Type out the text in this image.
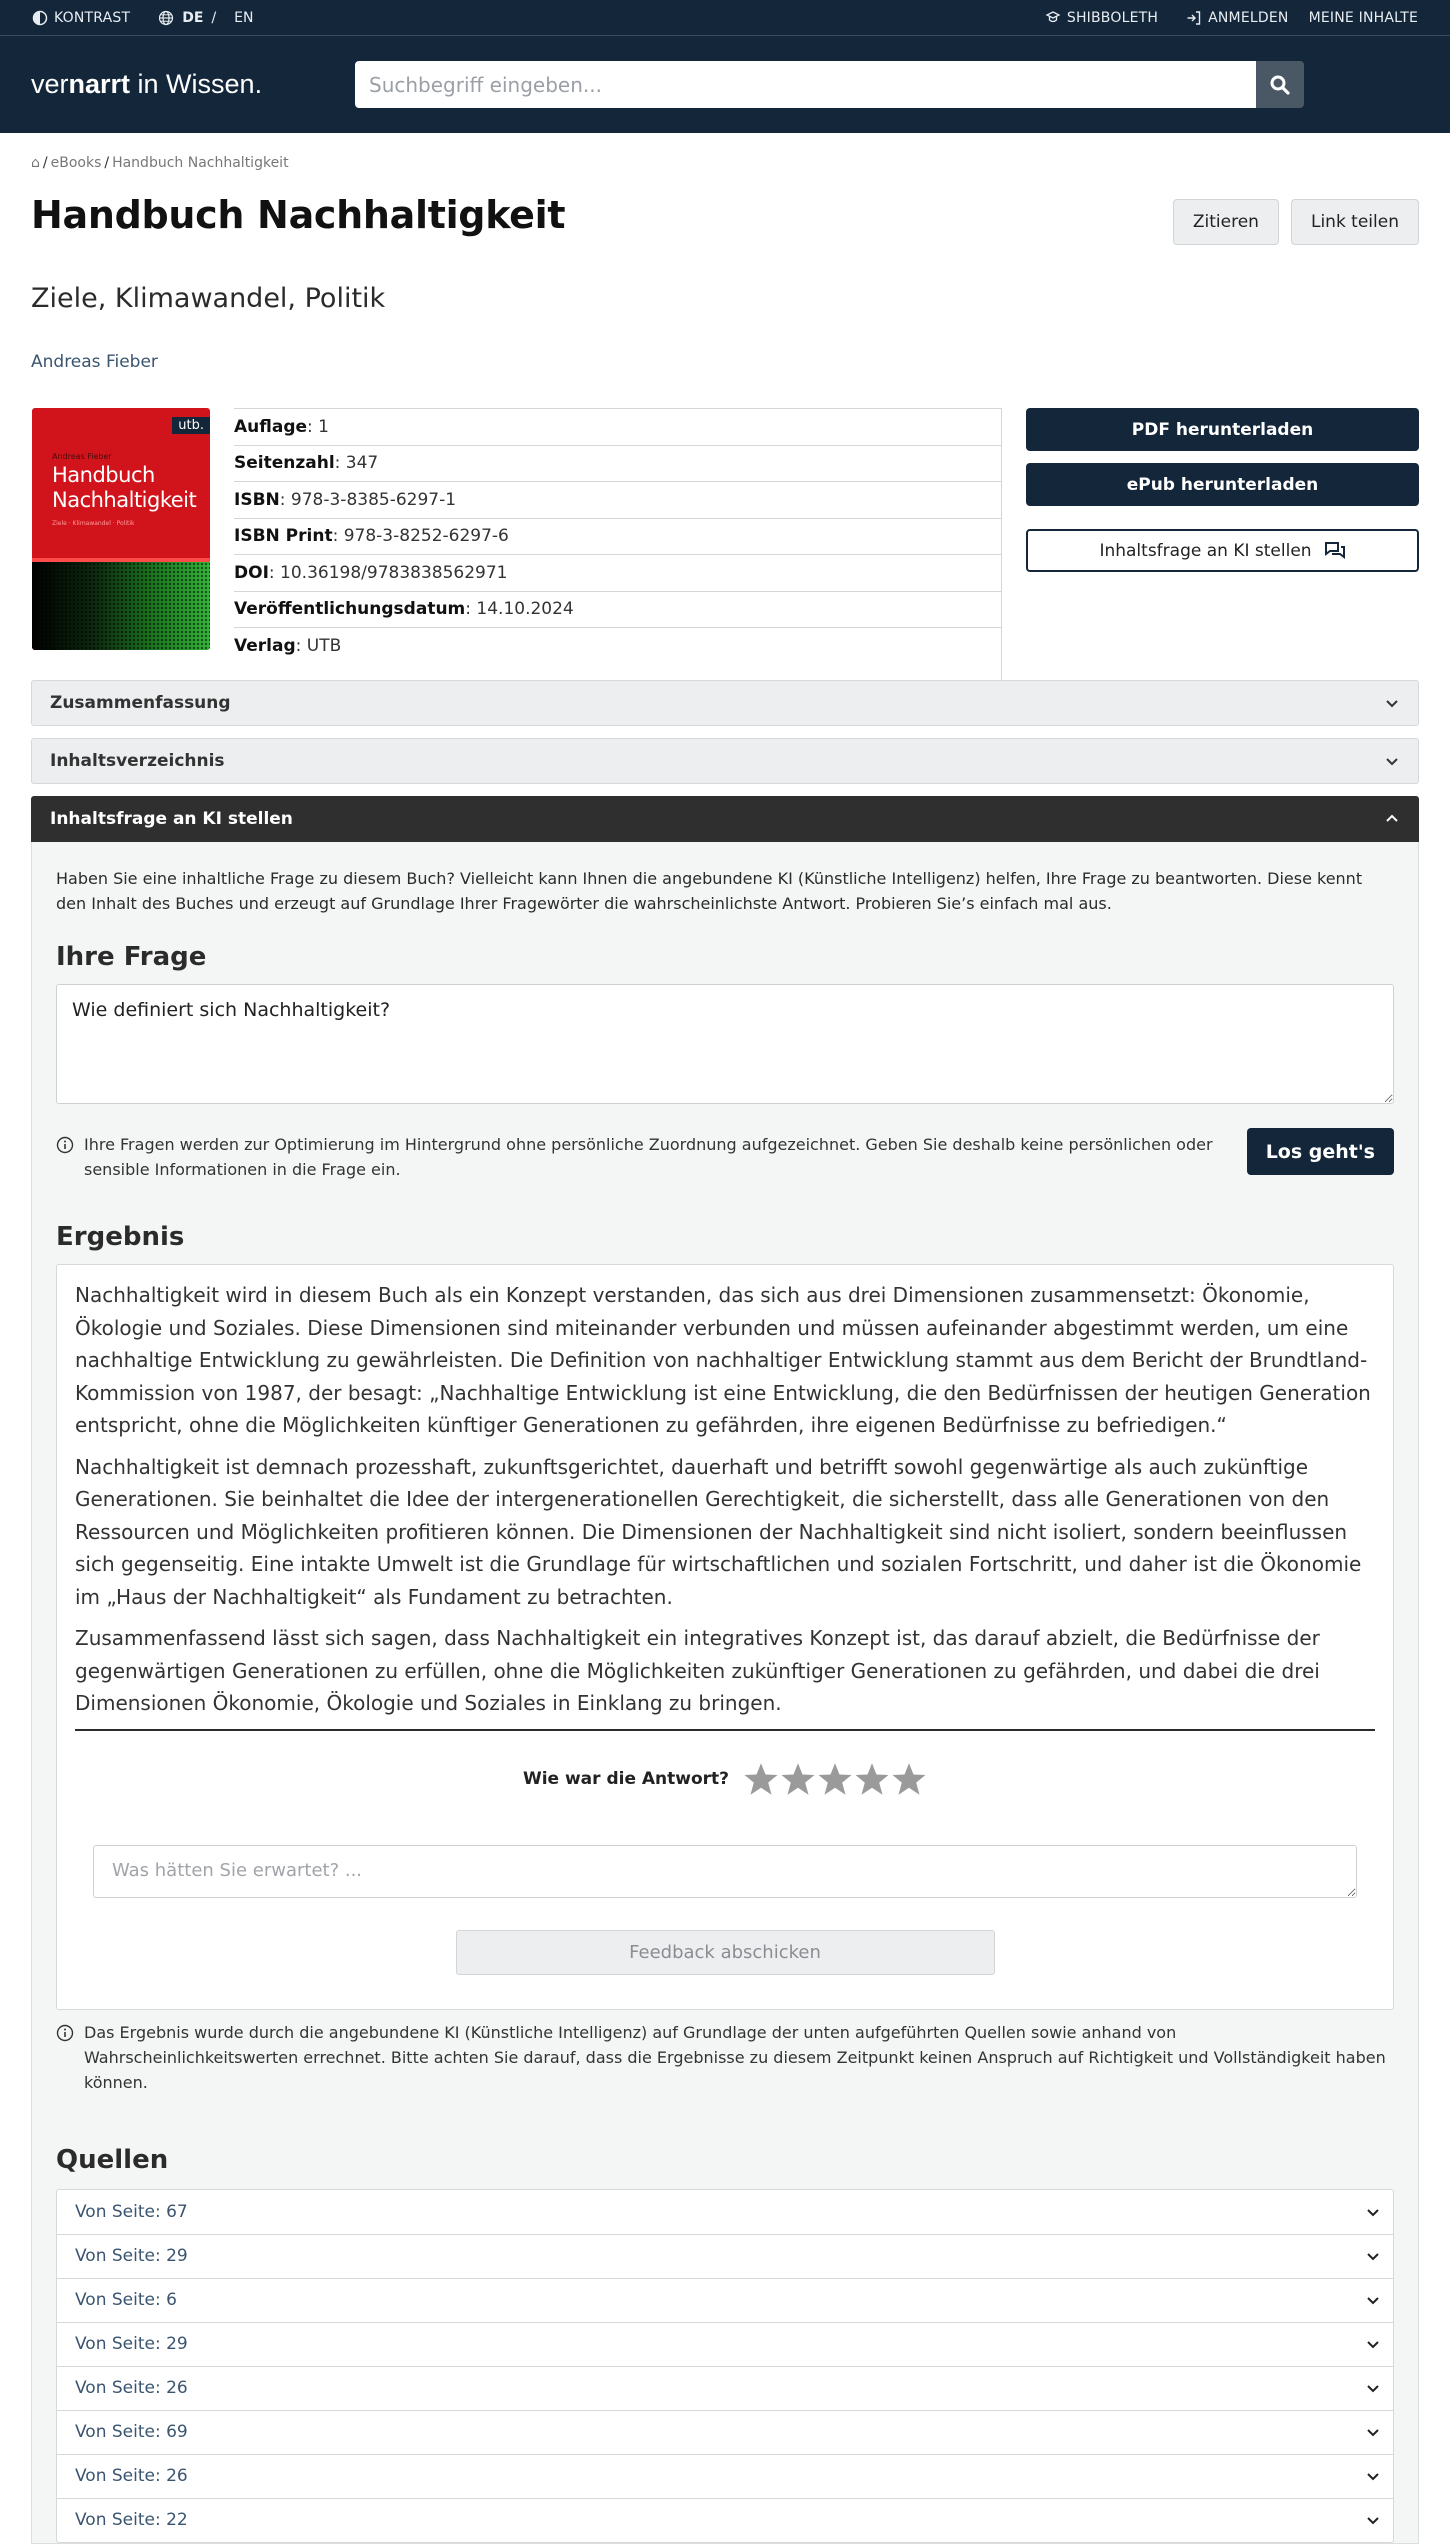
KONTRAST	DE / EN	SHIBBOLETH	ANMELDEN MEINE INHALTE
vernarrt in Wissen.
Suchbegriff eingeben...
⌂ / eBooks / Handbuch Nachhaltigkeit
Handbuch Nachhaltigkeit	Zitieren	Link teilen
Ziele, Klimawandel, Politik
Andreas Fieber
utb.
Andreas Fieber
Handbuch
Nachhaltigkeit
Ziele · Klimawandel · Politik
Auflage : 1
Seitenzahl : 347
ISBN : 978-3-8385-6297-1
ISBN Print : 978-3-8252-6297-6
DOI : 10.36198/9783838562971
Veröffentlichungsdatum : 14.10.2024
Verlag : UTB
PDF herunterladen
ePub herunterladen
Inhaltsfrage an KI stellen
Zusammenfassung
Inhaltsverzeichnis
Inhaltsfrage an KI stellen

Haben Sie eine inhaltliche Frage zu diesem Buch? Vielleicht kann Ihnen die angebundene KI (Künstliche Intelligenz) helfen, Ihre Frage zu beantworten. Diese kennt den Inhalt des Buches und erzeugt auf Grundlage Ihrer Fragewörter die wahrscheinlichste Antwort. Probieren Sie’s einfach mal aus.

Ihre Frage
Wie definiert sich Nachhaltigkeit?
Ihre Fragen werden zur Optimierung im Hintergrund ohne persönliche Zuordnung aufgezeichnet. Geben Sie deshalb keine persönlichen oder sensible Informationen in die Frage ein.
Los geht's
Ergebnis

Nachhaltigkeit wird in diesem Buch als ein Konzept verstanden, das sich aus drei Dimensionen zusammensetzt: Ökonomie, Ökologie und Soziales. Diese Dimensionen sind miteinander verbunden und müssen aufeinander abgestimmt werden, um eine nachhaltige Entwicklung zu gewährleisten. Die Definition von nachhaltiger Entwicklung stammt aus dem Bericht der Brundtland-Kommission von 1987, der besagt: „Nachhaltige Entwicklung ist eine Entwicklung, die den Bedürfnissen der heutigen Generation entspricht, ohne die Möglichkeiten künftiger Generationen zu gefährden, ihre eigenen Bedürfnisse zu befriedigen.“

Nachhaltigkeit ist demnach prozesshaft, zukunftsgerichtet, dauerhaft und betrifft sowohl gegenwärtige als auch zukünftige Generationen. Sie beinhaltet die Idee der intergenerationellen Gerechtigkeit, die sicherstellt, dass alle Generationen von den Ressourcen und Möglichkeiten profitieren können. Die Dimensionen der Nachhaltigkeit sind nicht isoliert, sondern beeinflussen sich gegenseitig. Eine intakte Umwelt ist die Grundlage für wirtschaftlichen und sozialen Fortschritt, und daher ist die Ökonomie im „Haus der Nachhaltigkeit“ als Fundament zu betrachten.

Zusammenfassend lässt sich sagen, dass Nachhaltigkeit ein integratives Konzept ist, das darauf abzielt, die Bedürfnisse der gegenwärtigen Generationen zu erfüllen, ohne die Möglichkeiten zukünftiger Generationen zu gefährden, und dabei die drei Dimensionen Ökonomie, Ökologie und Soziales in Einklang zu bringen.

Wie war die Antwort?
Was hätten Sie erwartet? ...
Feedback abschicken
Das Ergebnis wurde durch die angebundene KI (Künstliche Intelligenz) auf Grundlage der unten aufgeführten Quellen sowie anhand von Wahrscheinlichkeitswerten errechnet. Bitte achten Sie darauf, dass die Ergebnisse zu diesem Zeitpunkt keinen Anspruch auf Richtigkeit und Vollständigkeit haben können.
Quellen
Von Seite: 67
Von Seite: 29
Von Seite: 6
Von Seite: 29
Von Seite: 26
Von Seite: 69
Von Seite: 26
Von Seite: 22
